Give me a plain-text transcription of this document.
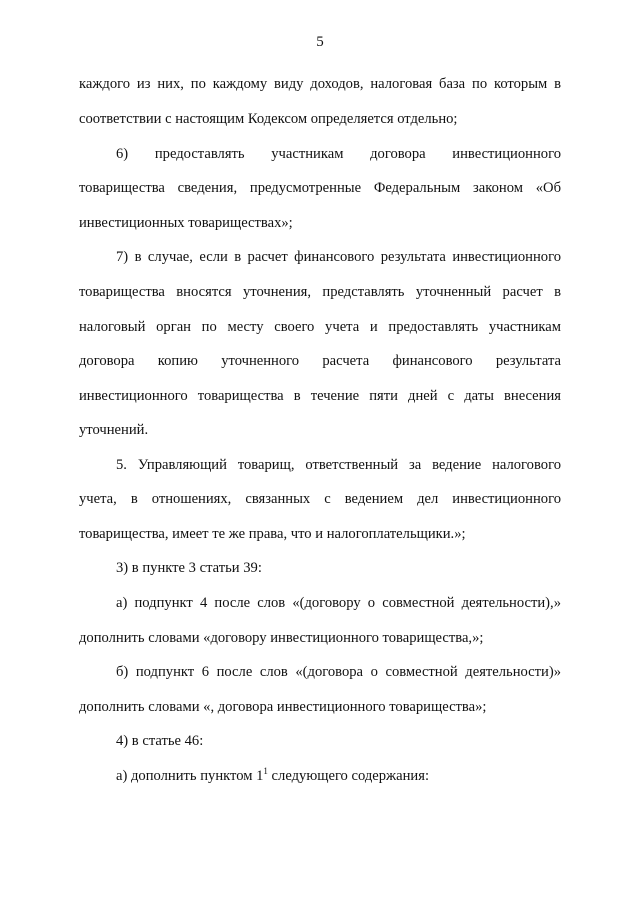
5
каждого из них, по каждому виду доходов, налоговая база по которым в
соответствии с настоящим Кодексом определяется отдельно;
6) предоставлять участникам договора инвестиционного
товарищества сведения, предусмотренные Федеральным законом «Об
инвестиционных товариществах»;
7) в случае, если в расчет финансового результата инвестиционного
товарищества вносятся уточнения, представлять уточненный расчет в
налоговый орган по месту своего учета и предоставлять участникам
договора копию уточненного расчета финансового результата
инвестиционного товарищества в течение пяти дней с даты внесения
уточнений.
5. Управляющий товарищ, ответственный за ведение налогового
учета, в отношениях, связанных с ведением дел инвестиционного
товарищества, имеет те же права, что и налогоплательщики.»;
3) в пункте 3 статьи 39:
а) подпункт 4 после слов «(договору о совместной деятельности),»
дополнить словами «договору инвестиционного товарищества,»;
б) подпункт 6 после слов «(договора о совместной деятельности)»
дополнить словами «, договора инвестиционного товарищества»;
4) в статье 46:
а) дополнить пунктом $1^1$ следующего содержания:
